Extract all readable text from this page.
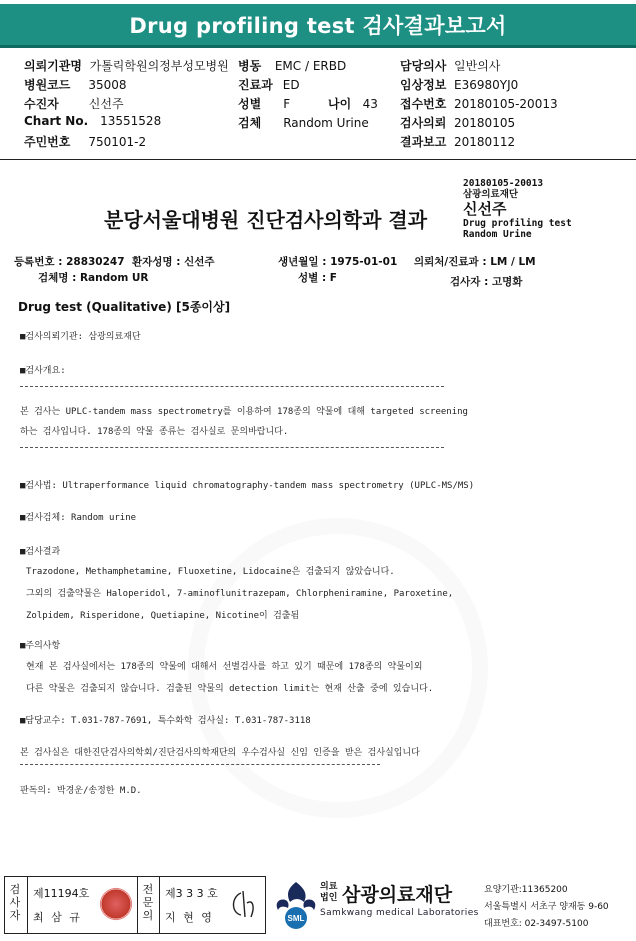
Drug profiling test 검사결과보고서
의뢰기관명 가톨릭학원의정부성모병원 병동 EMC / ERBD	담당의사 일반의사
병원코드 35008	진료과 ED	임상정보 E36980YJ0
수진자	신선주	성별 F	나이 43 접수번호 20180105-20013
Chart No. 13551528	검체 Random Urine	검사의뢰 20180105
주민번호 750101-2	결과보고 20180112
20180105-20013
삼광의료재단
신선주
Drug profiling test
Random Urine
분당서울대병원 진단검사의학과 결과
등록번호 : 28830247 환자성명 : 신선주	생년월일 : 1975-01-01 의뢰처/진료과 : LM / LM
검체명 : Random UR	성별 : F	검사자 : 고명화
Drug test (Qualitative) [5종이상]
■검사의뢰기관: 삼광의료재단
■검사개요:
본 검사는 UPLC-tandem mass spectrometry를 이용하여 178종의 약물에 대해 targeted screening
하는 검사입니다. 178종의 약물 종류는 검사실로 문의바랍니다.
■검사법: Ultraperformance liquid chromatography-tandem mass spectrometry (UPLC-MS/MS)
■검사검체: Random urine
■검사결과
Trazodone, Methamphetamine, Fluoxetine, Lidocaine은 검출되지 않았습니다.
그외의 검출약물은 Haloperidol, 7-aminoflunitrazepam, Chlorpheniramine, Paroxetine,
Zolpidem, Risperidone, Quetiapine, Nicotine이 검출됨
■주의사항
현재 본 검사실에서는 178종의 약물에 대해서 선별검사를 하고 있기 때문에 178종의 약물이외
다른 약물은 검출되지 않습니다. 검출된 약물의 detection limit는 현재 산출 중에 있습니다.
■담당교수: T.031-787-7691, 특수화학 검사실: T.031-787-3118
본 검사실은 대한진단검사의학회/진단검사의학재단의 우수검사실 신임 인증을 받은 검사실입니다
판독의: 박경운/송정한 M.D.
검사자
제11194호
최 삼 규
전문의
제3 3 3 호
지 현 영	SML
의료
법인 삼광의료재단
Samkwang medical Laboratories
요양기관:11365200
서울특별시 서초구 양재동 9-60
대표번호: 02-3497-5100
